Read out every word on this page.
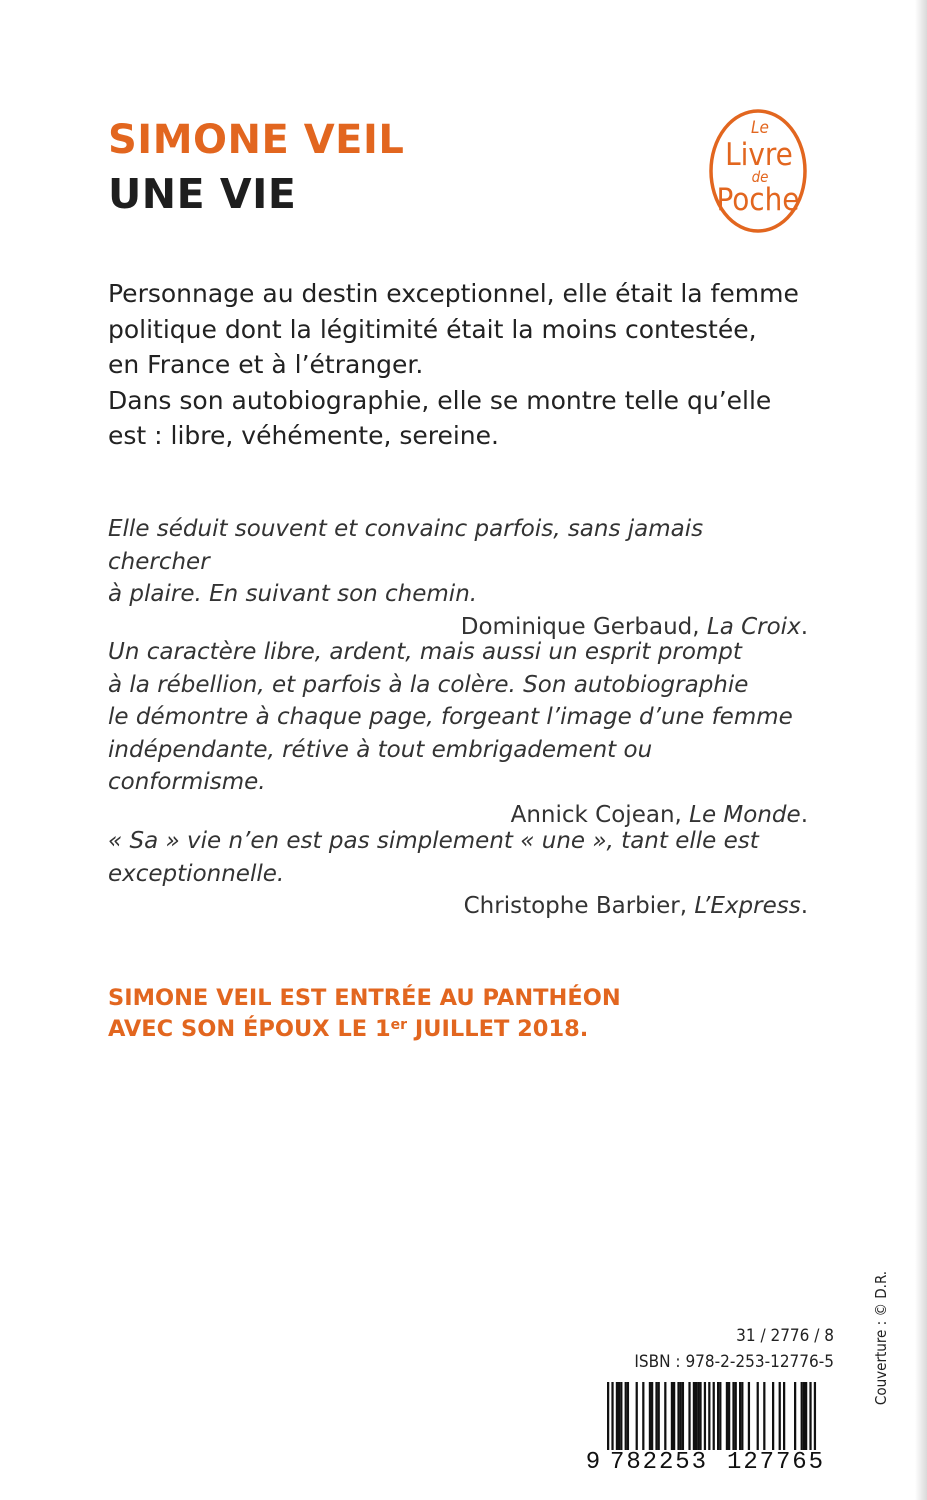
SIMONE VEIL
UNE VIE
Le
Livre
de
Poche

Personnage au destin exceptionnel, elle était la femme

politique dont la légitimité était la moins contestée,

en France et à l’étranger.

Dans son autobiographie, elle se montre telle qu’elle

est : libre, véhémente, sereine.

Elle séduit souvent et convainc parfois, sans jamais chercher

à plaire. En suivant son chemin.

Dominique Gerbaud, La Croix.

Un caractère libre, ardent, mais aussi un esprit prompt

à la rébellion, et parfois à la colère. Son autobiographie

le démontre à chaque page, forgeant l’image d’une femme

indépendante, rétive à tout embrigadement ou conformisme.

Annick Cojean, Le Monde.

« Sa » vie n’en est pas simplement « une », tant elle est

exceptionnelle.

Christophe Barbier, L’Express.

SIMONE VEIL EST ENTRÉE AU PANTHÉON

AVEC SON ÉPOUX LE 1er JUILLET 2018.

31 / 2776 / 8
ISBN : 978-2-253-12776-5
9 782253 127765
Couverture : © D.R.
